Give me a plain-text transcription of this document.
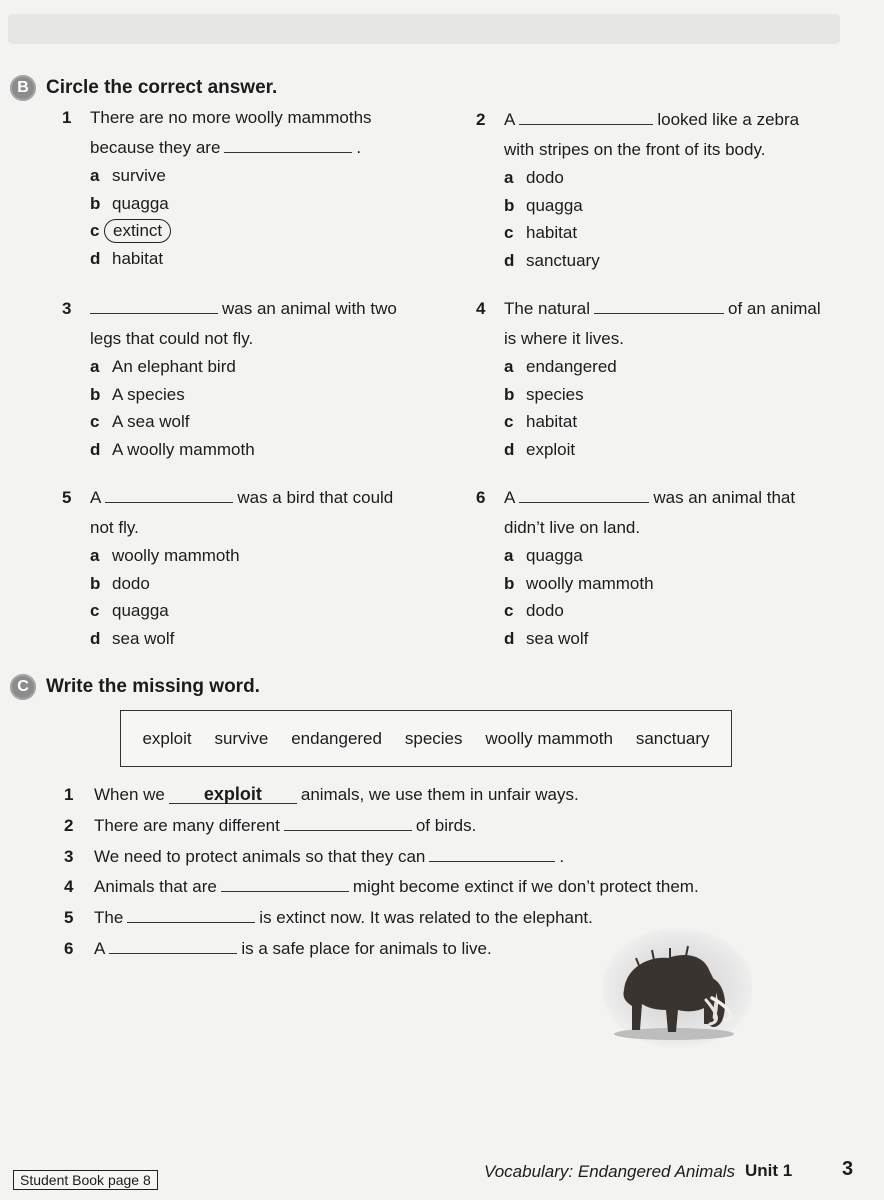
B Circle the correct answer.
1	There are no more woolly mammoths
because they are	.
a survive
b quagga
c extinct
d habitat
2	A	looked like a zebra
with stripes on the front of its body.
a dodo
b quagga
c habitat
d sanctuary
3	was an animal with two
legs that could not fly.
a An elephant bird
b A species
c A sea wolf
d A woolly mammoth
4	The natural	of an animal
is where it lives.
a endangered
b species
c habitat
d exploit
5	A	was a bird that could
not fly.
a woolly mammoth
b dodo
c quagga
d sea wolf
6	A	was an animal that
didn’t live on land.
a quagga
b woolly mammoth
c dodo
d sea wolf
C Write the missing word.
exploit survive endangered species woolly mammoth sanctuary
1	When we	exploit	animals, we use them in unfair ways.
2	There are many different	of birds.
3	We need to protect animals so that they can	.
4	Animals that are	might become extinct if we don’t protect them.
5	The	is extinct now. It was related to the elephant.
6	A	is a safe place for animals to live.
Student Book page 8	Vocabulary: Endangered Animals Unit 1 3
